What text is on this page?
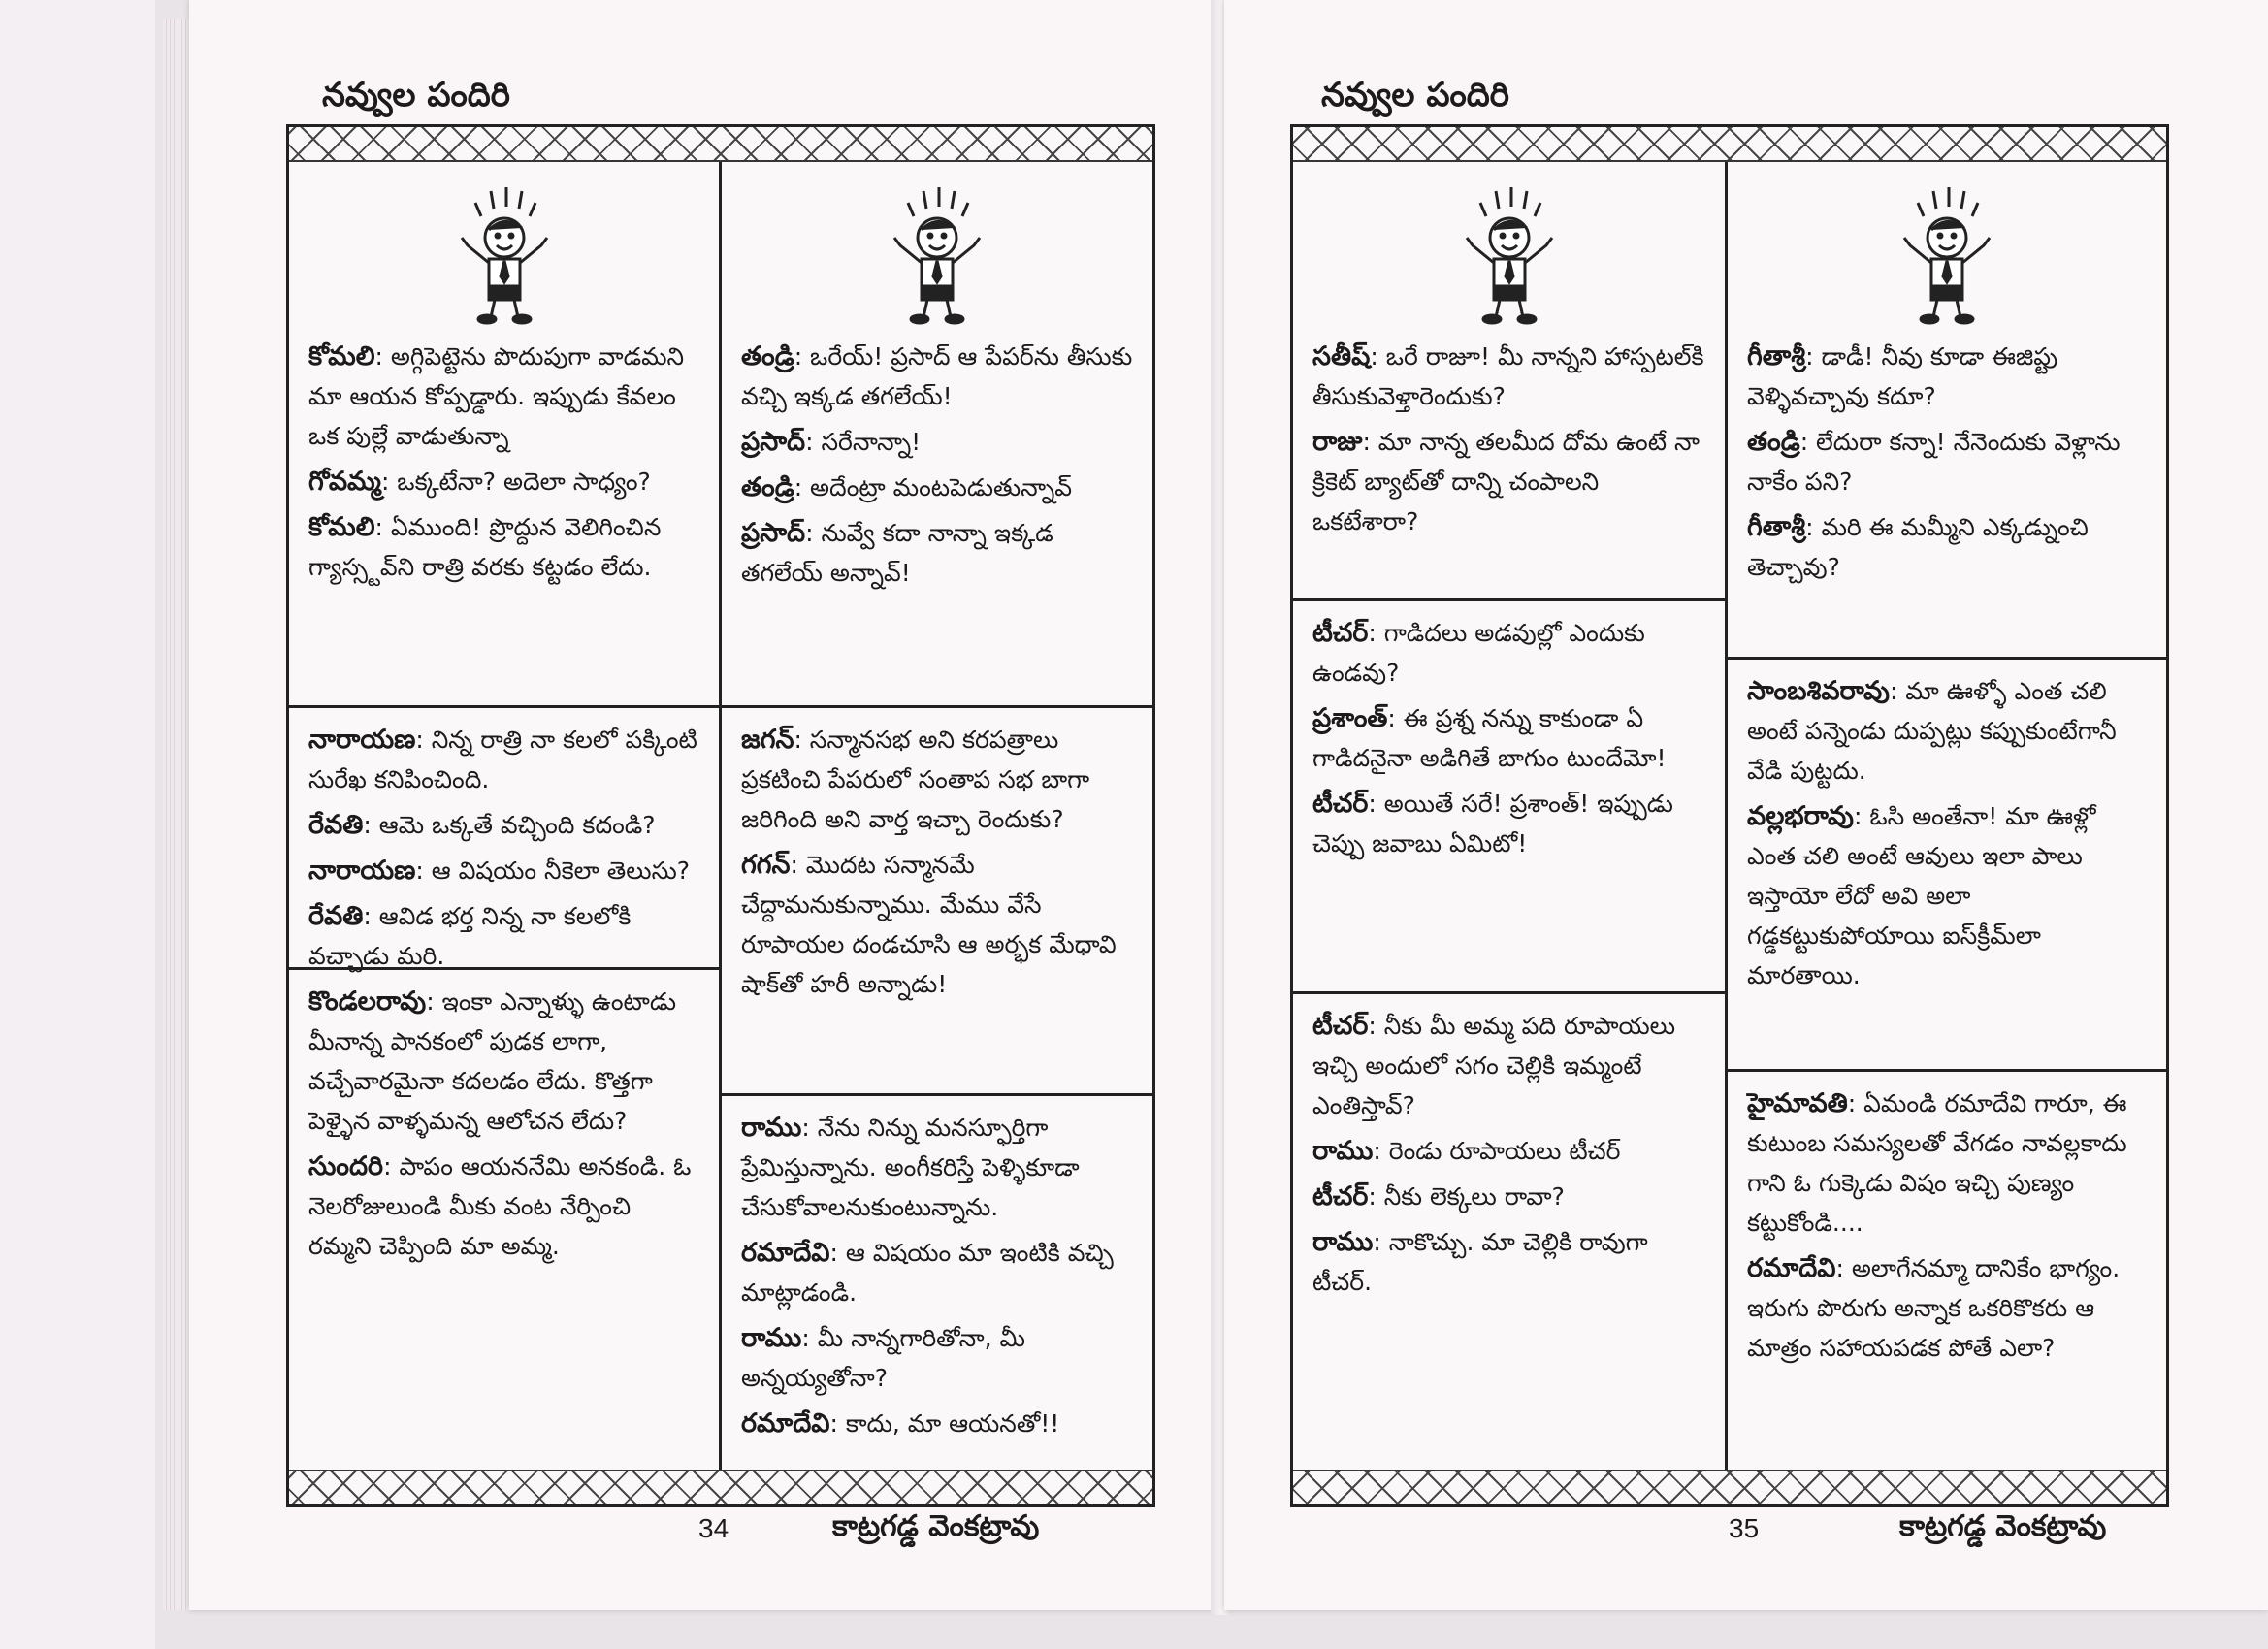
నవ్వుల పందిరి

కోమలి: అగ్గిపెట్టెను పొదుపుగా వాడమని మా ఆయన కోప్పడ్డారు. ఇప్పుడు కేవలం ఒక పుల్లే వాడుతున్నా

గోవమ్మ: ఒక్కటేనా? అదెలా సాధ్యం?

కోమలి: ఏముంది! ప్రొద్దున వెలిగించిన గ్యాస్స్టవ్‌ని రాత్రి వరకు కట్టడం లేదు.

నారాయణ: నిన్న రాత్రి నా కలలో పక్కింటి సురేఖ కనిపించింది.

రేవతి: ఆమె ఒక్కతే వచ్చింది కదండి?

నారాయణ: ఆ విషయం నీకెలా తెలుసు?

రేవతి: ఆవిడ భర్త నిన్న నా కలలోకి వచ్చాడు మరి.

కొండలరావు: ఇంకా ఎన్నాళ్ళు ఉంటాడు మీనాన్న పానకంలో పుడక లాగా, వచ్చేవారమైనా కదలడం లేదు. కొత్తగా పెళ్ళైన వాళ్ళమన్న ఆలోచన లేదు?

సుందరి: పాపం ఆయననేమి అనకండి. ఓ నెలరోజులుండి మీకు వంట నేర్పించి రమ్మని చెప్పింది మా అమ్మ.

తండ్రి: ఒరేయ్! ప్రసాద్ ఆ పేపర్‌ను తీసుకు వచ్చి ఇక్కడ తగలేయ్!

ప్రసాద్: సరేనాన్నా!

తండ్రి: అదేంట్రా మంటపెడుతున్నావ్

ప్రసాద్: నువ్వే కదా నాన్నా ఇక్కడ తగలేయ్ అన్నావ్!

జగన్: సన్మానసభ అని కరపత్రాలు ప్రకటించి పేపరులో సంతాప సభ బాగా జరిగింది అని వార్త ఇచ్చా రెందుకు?

గగన్: మొదట సన్మానమే చేద్దామనుకున్నాము. మేము వేసే రూపాయల దండచూసి ఆ అర్భక మేధావి షాక్‌తో హరీ అన్నాడు!

రాము: నేను నిన్ను మనస్ఫూర్తిగా ప్రేమిస్తున్నాను. అంగీకరిస్తే పెళ్ళికూడా చేసుకోవాలనుకుంటున్నాను.

రమాదేవి: ఆ విషయం మా ఇంటికి వచ్చి మాట్లాడండి.

రాము: మీ నాన్నగారితోనా, మీ అన్నయ్యతోనా?

రమాదేవి: కాదు, మా ఆయనతో!!

34	కాట్రగడ్డ వెంకట్రావు
నవ్వుల పందిరి

సతీష్: ఒరే రాజూ! మీ నాన్నని హాస్పటల్‌కి తీసుకువెళ్తారెందుకు?

రాజు: మా నాన్న తలమీద దోమ ఉంటే నా క్రికెట్ బ్యాట్‌తో దాన్ని చంపాలని ఒకటేశారా?

టీచర్: గాడిదలు అడవుల్లో ఎందుకు ఉండవు?

ప్రశాంత్: ఈ ప్రశ్న నన్ను కాకుండా ఏ గాడిదనైనా అడిగితే బాగుం టుందేమో!

టీచర్: అయితే సరే! ప్రశాంత్! ఇప్పుడు చెప్పు జవాబు ఏమిటో!

టీచర్: నీకు మీ అమ్మ పది రూపాయలు ఇచ్చి అందులో సగం చెల్లికి ఇమ్మంటే ఎంతిస్తావ్?

రాము: రెండు రూపాయలు టీచర్

టీచర్: నీకు లెక్కలు రావా?

రాము: నాకొచ్చు. మా చెల్లికి రావుగా టీచర్.

గీతాశ్రీ: డాడీ! నీవు కూడా ఈజిప్టు వెళ్ళివచ్చావు కదూ?

తండ్రి: లేదురా కన్నా! నేనెందుకు వెళ్లాను నాకేం పని?

గీతాశ్రీ: మరి ఈ మమ్మీని ఎక్కడ్నుంచి తెచ్చావు?

సాంబశివరావు: మా ఊళ్ళో ఎంత చలి అంటే పన్నెండు దుప్పట్లు కప్పుకుంటేగానీ వేడి పుట్టదు.

వల్లభరావు: ఓసి అంతేనా! మా ఊళ్లో ఎంత చలి అంటే ఆవులు ఇలా పాలు ఇస్తాయో లేదో అవి అలా గడ్డకట్టుకుపోయాయి ఐస్‌క్రీమ్‌లా మారతాయి.

హైమావతి: ఏమండి రమాదేవి గారూ, ఈ కుటుంబ సమస్యలతో వేగడం నావల్లకాదు గాని ఓ గుక్కెడు విషం ఇచ్చి పుణ్యం కట్టుకోండి....

రమాదేవి: అలాగేనమ్మా దానికేం భాగ్యం. ఇరుగు పొరుగు అన్నాక ఒకరికొకరు ఆ మాత్రం సహాయపడక పోతే ఎలా?

35	కాట్రగడ్డ వెంకట్రావు
